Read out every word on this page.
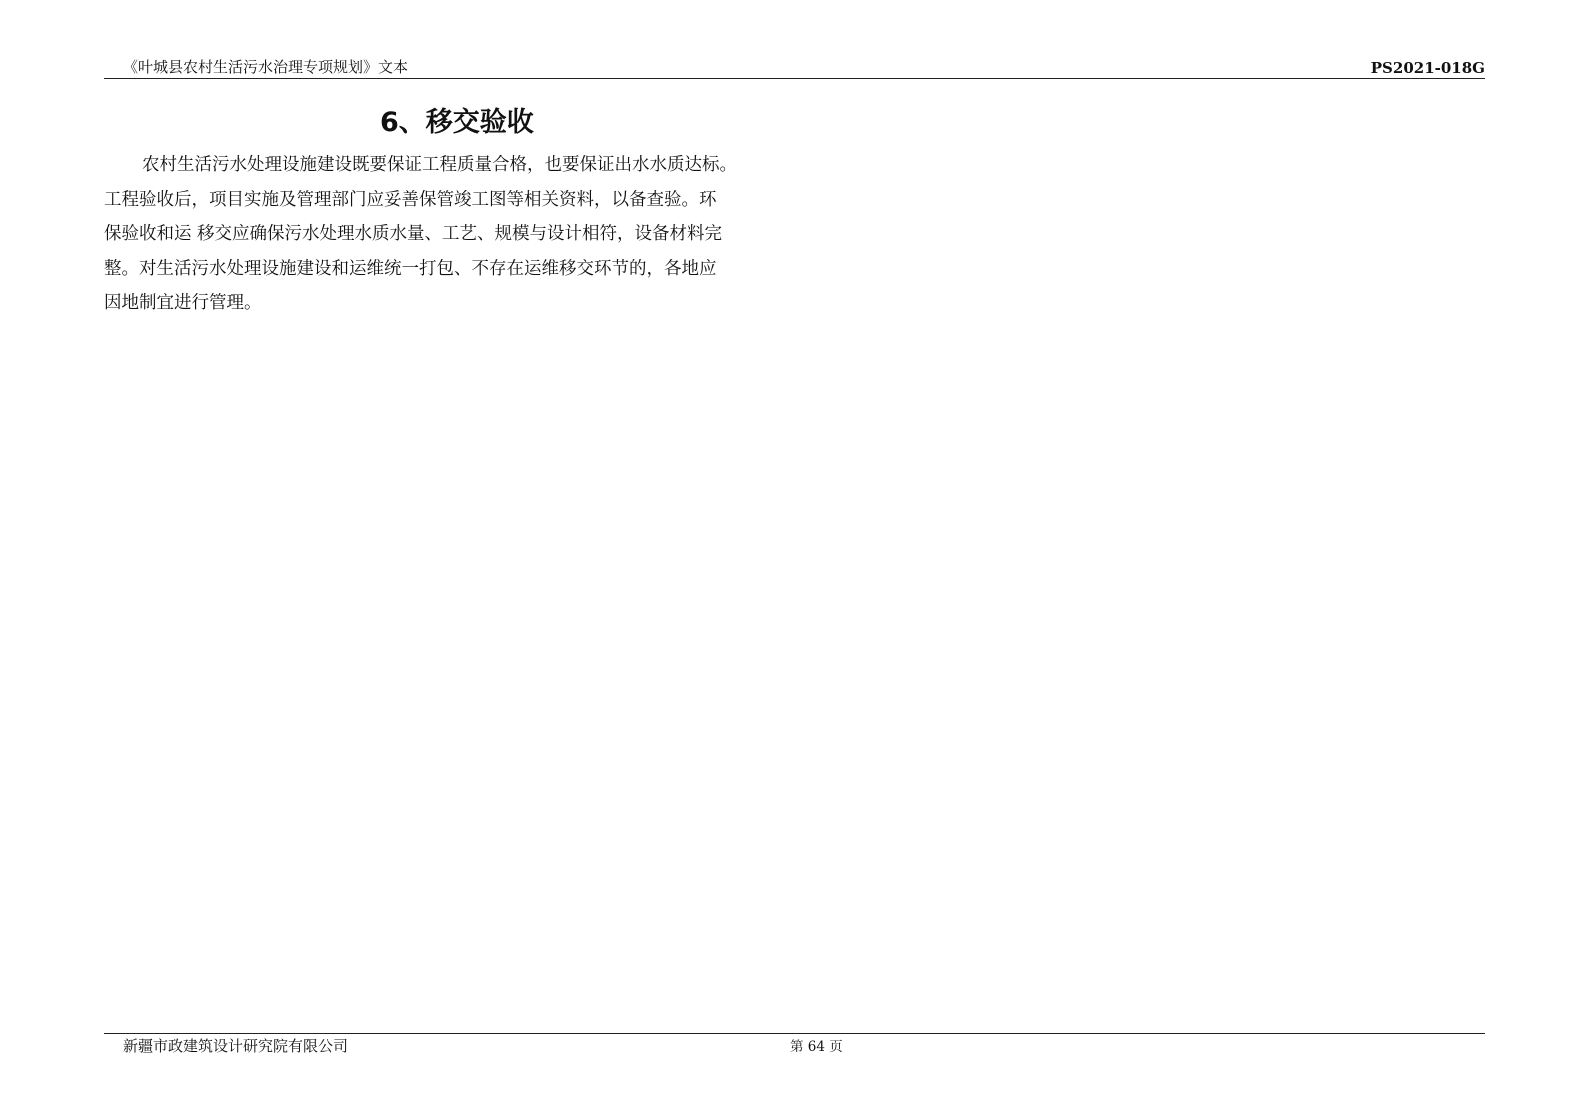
《叶城县农村生活污水治理专项规划》文本	PS2021-018G
6、移交验收
农村生活污水处理设施建设既要保证工程质量合格，也要保证出水水质达标。
工程验收后，项目实施及管理部门应妥善保管竣工图等相关资料，以备查验。环
保验收和运 移交应确保污水处理水质水量、工艺、规模与设计相符，设备材料完
整。对生活污水处理设施建设和运维统一打包、不存在运维移交环节的，各地应
因地制宜进行管理。
新疆市政建筑设计研究院有限公司	第 64 页
